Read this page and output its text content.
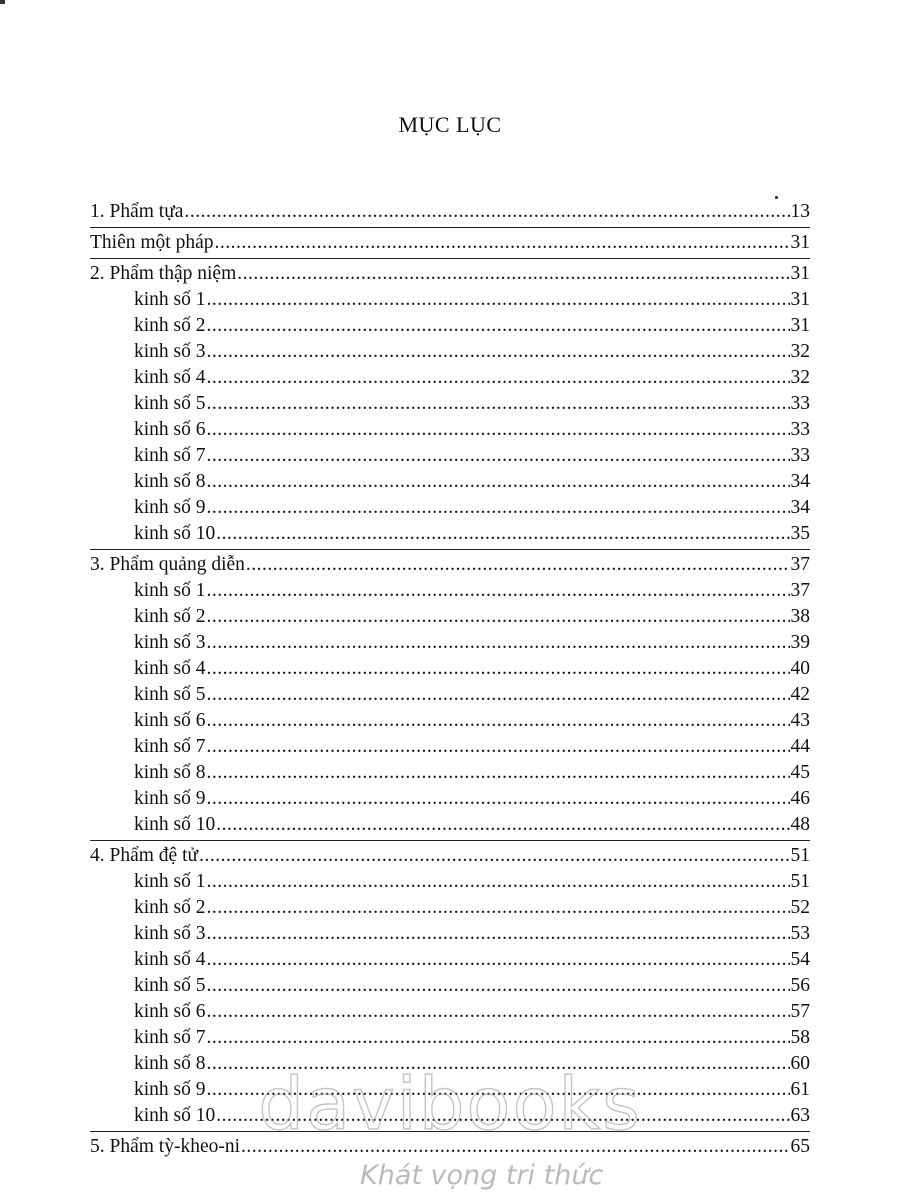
MỤC LỤC
1. Phẩm tựa .....	13
Thiên một pháp .....	31
2. Phẩm thập niệm .....	31
kinh số 1 .....	31
kinh số 2 .....	31
kinh số 3 .....	32
kinh số 4 .....	32
kinh số 5 .....	33
kinh số 6 .....	33
kinh số 7 .....	33
kinh số 8 .....	34
kinh số 9 .....	34
kinh số 10 .....	35
3. Phẩm quảng diễn .....	37
kinh số 1 .....	37
kinh số 2 .....	38
kinh số 3 .....	39
kinh số 4 .....	40
kinh số 5 .....	42
kinh số 6 .....	43
kinh số 7 .....	44
kinh số 8 .....	45
kinh số 9 .....	46
kinh số 10 .....	48
4. Phẩm đệ tử .....	51
kinh số 1 .....	51
kinh số 2 .....	52
kinh số 3 .....	53
kinh số 4 .....	54
kinh số 5 .....	56
kinh số 6 .....	57
kinh số 7 .....	58
kinh số 8 .....	60
kinh số 9 .....	61
kinh số 10 .....	63
5. Phẩm tỳ-kheo-ni .....	65
davibooks
Khát vọng tri thức
